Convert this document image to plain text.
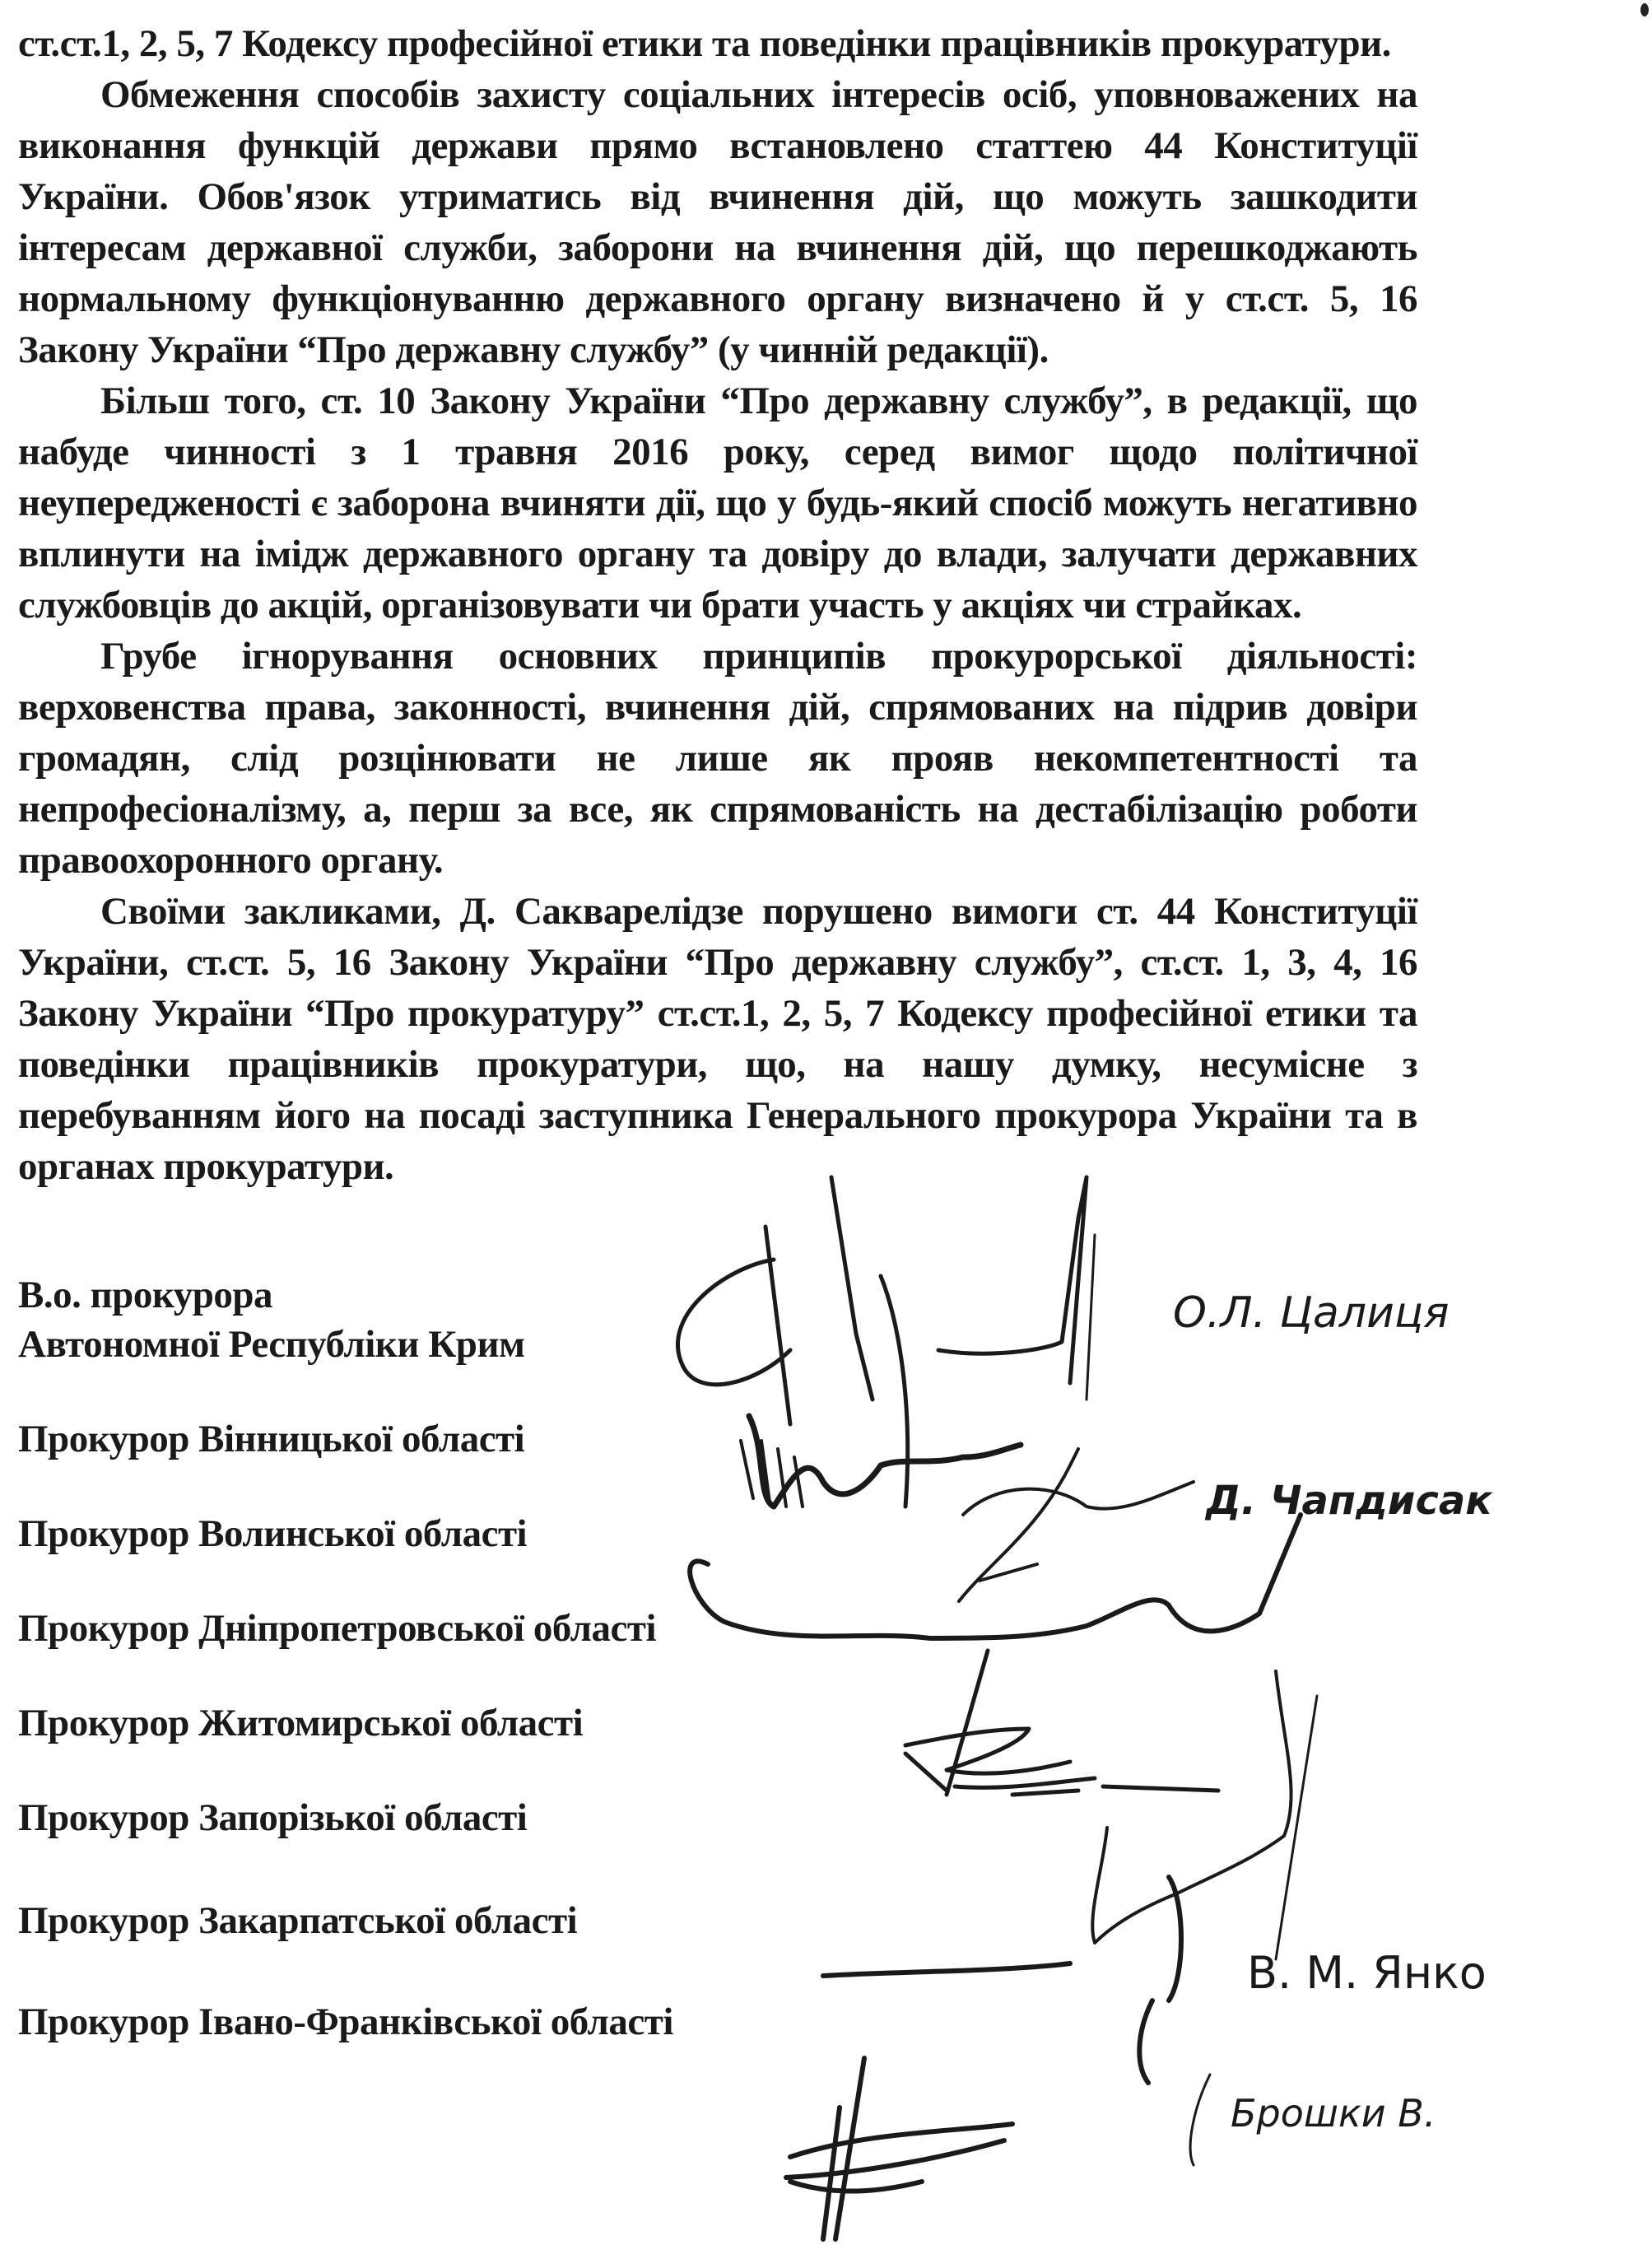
ст.ст.1, 2, 5, 7 Кодексу професійної етики та поведінки працівників прокуратури.

Обмеження способів захисту соціальних інтересів осіб, уповноважених на виконання функцій держави прямо встановлено статтею 44 Конституції України. Обов'язок утриматись від вчинення дій, що можуть зашкодити інтересам державної служби, заборони на вчинення дій, що перешкоджають нормальному функціонуванню державного органу визначено й у ст.ст. 5, 16 Закону України “Про державну службу” (у чинній редакції).

Більш того, ст. 10 Закону України “Про державну службу”, в редакції, що набуде чинності з 1 травня 2016 року, серед вимог щодо політичної неупередженості є заборона вчиняти дії, що у будь-який спосіб можуть негативно вплинути на імідж державного органу та довіру до влади, залучати державних службовців до акцій, організовувати чи брати участь у акціях чи страйках.

Грубе ігнорування основних принципів прокурорської діяльності: верховенства права, законності, вчинення дій, спрямованих на підрив довіри громадян, слід розцінювати не лише як прояв некомпетентності та непрофесіоналізму, а, перш за все, як спрямованість на дестабілізацію роботи правоохоронного органу.

Своїми закликами, Д. Сакварелідзе порушено вимоги ст. 44 Конституції України, ст.ст. 5, 16 Закону України “Про державну службу”, ст.ст. 1, 3, 4, 16 Закону України “Про прокуратуру” ст.ст.1, 2, 5, 7 Кодексу професійної етики та поведінки працівників прокуратури, що, на нашу думку, несумісне з перебуванням його на посаді заступника Генерального прокурора України та в органах прокуратури.

В.о. прокурора
Автономної Республіки Крим
Прокурор Вінницької області
Прокурор Волинської області
Прокурор Дніпропетровської області
Прокурор Житомирської області
Прокурор Запорізької області
Прокурор Закарпатської області
Прокурор Івано-Франківської області
О.Л. Цалиця
Д. Чапдисак
В. М. Янко
Брошки В.
